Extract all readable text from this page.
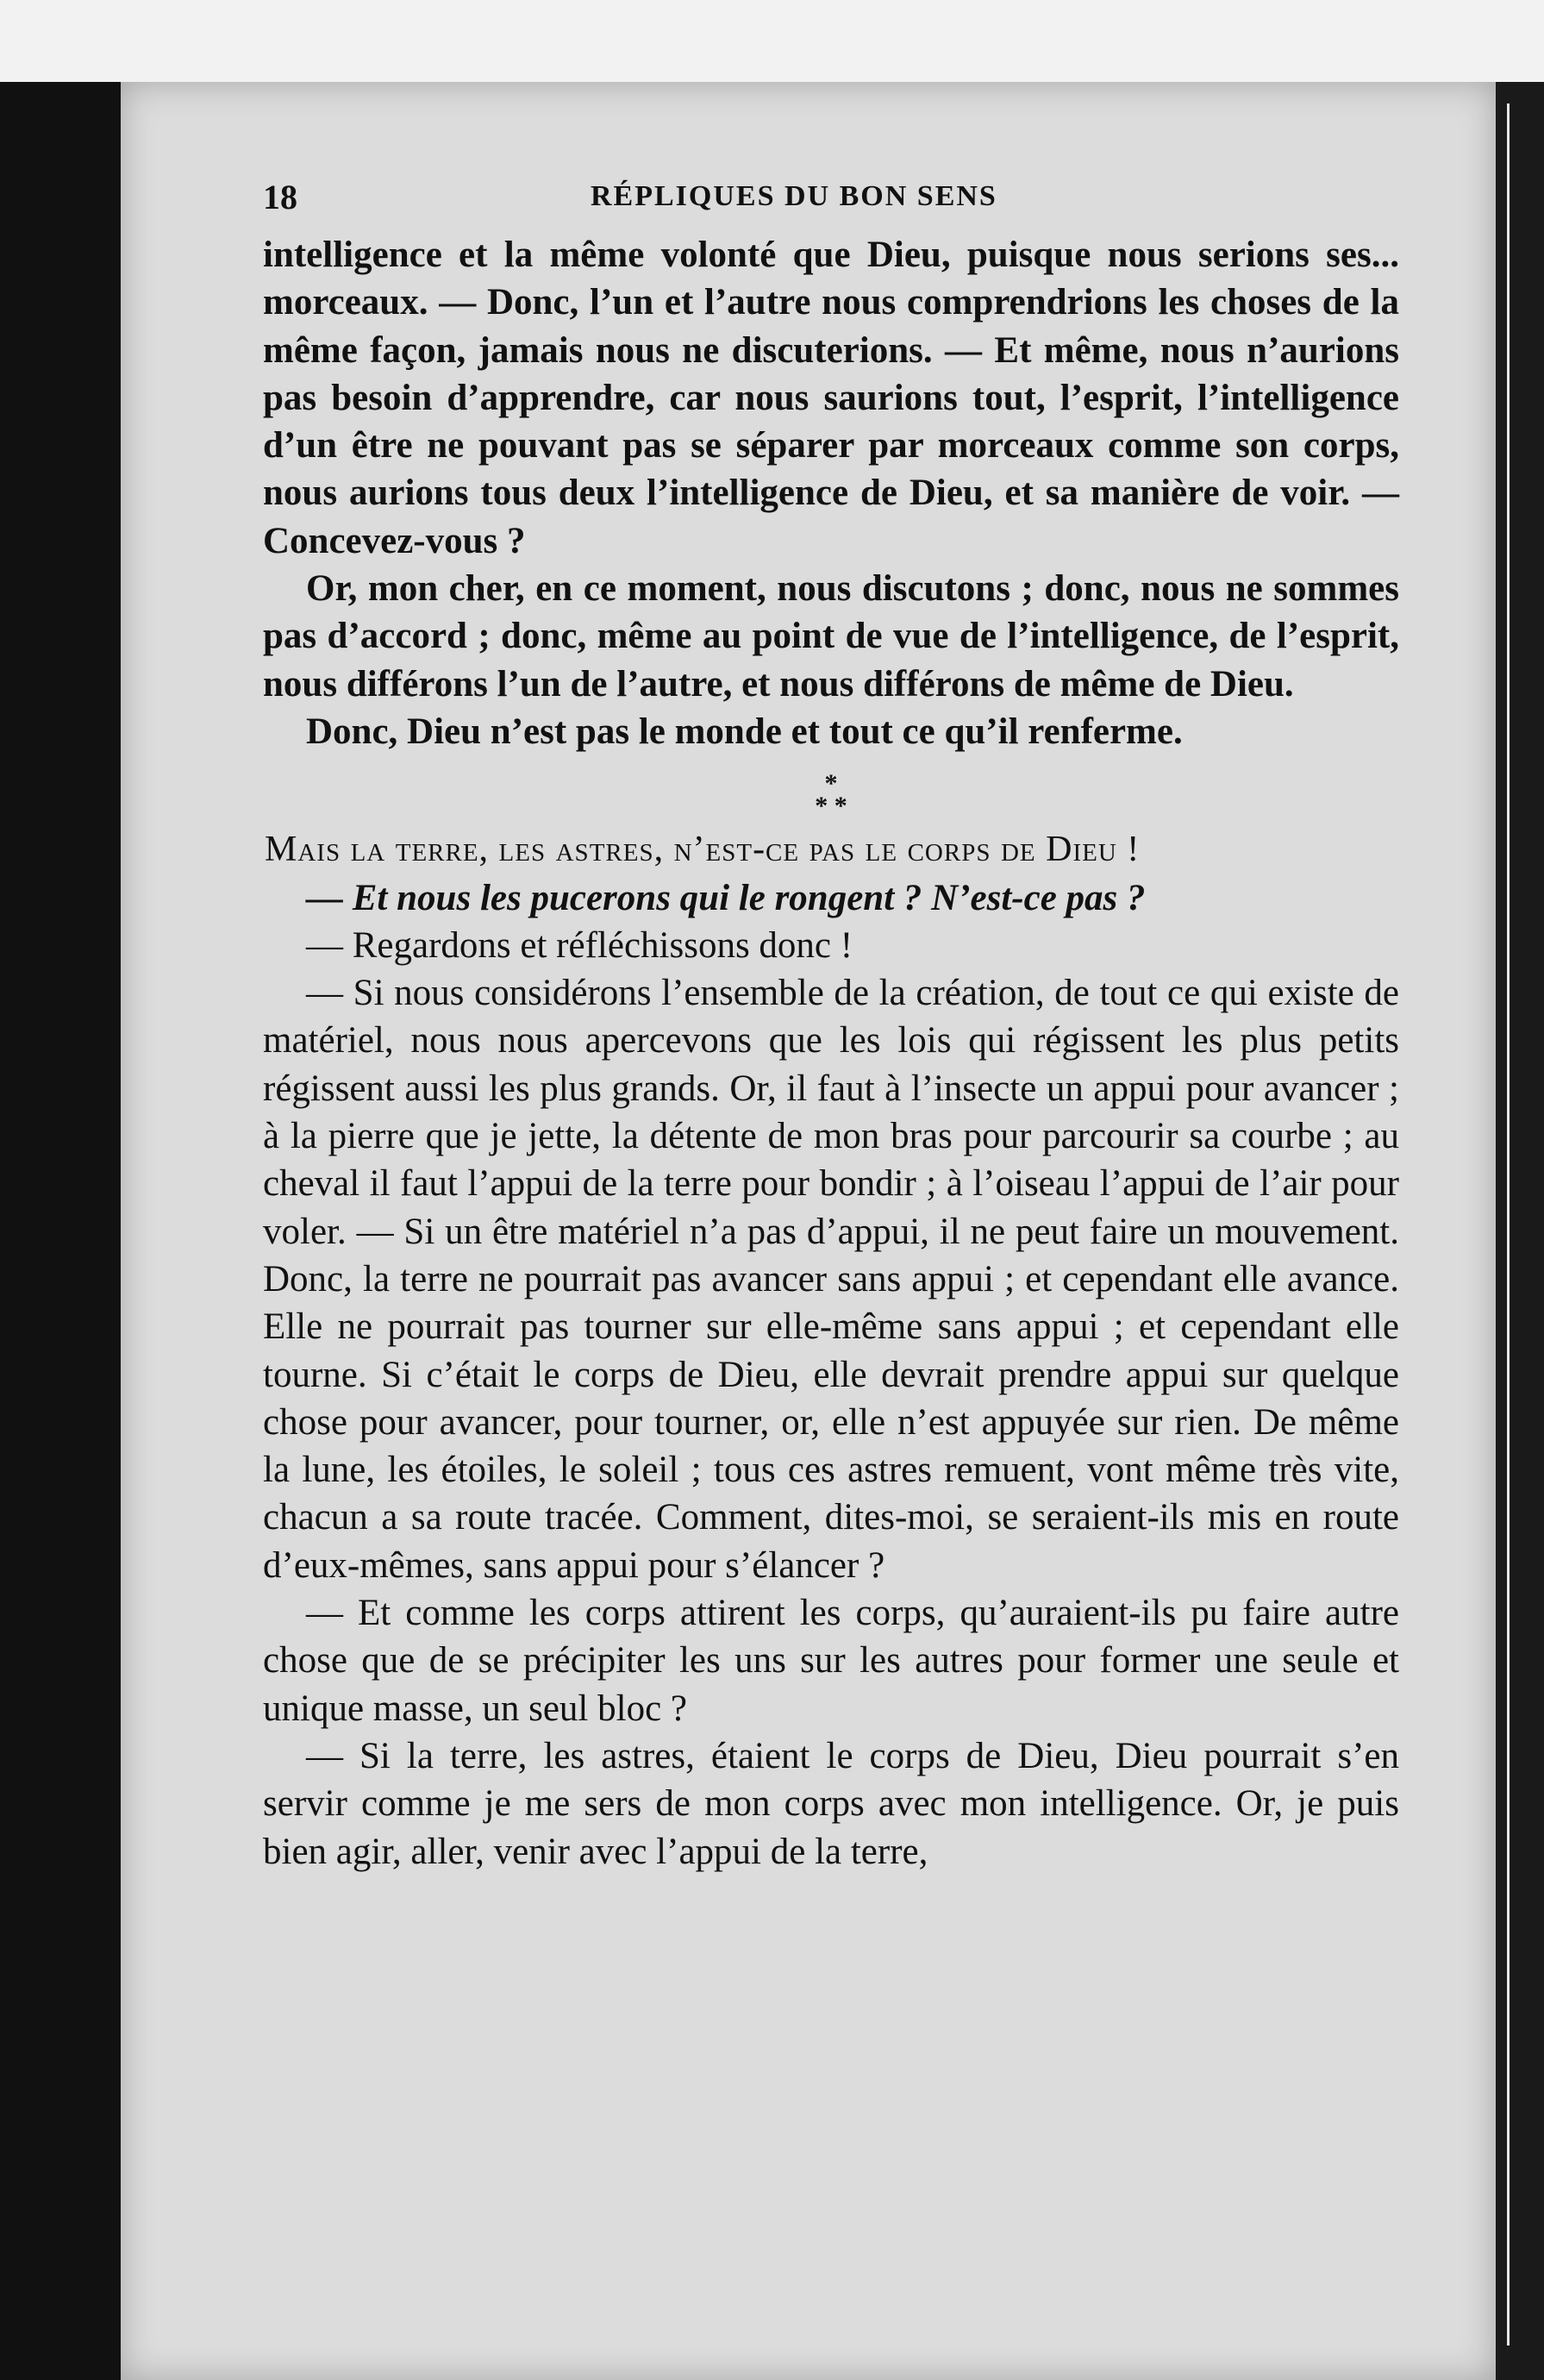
18	RÉPLIQUES DU BON SENS

intelligence et la même volonté que Dieu, puisque nous serions ses... morceaux. — Donc, l’un et l’autre nous comprendrions les choses de la même façon, jamais nous ne discuterions. — Et même, nous n’aurions pas besoin d’apprendre, car nous saurions tout, l’esprit, l’intelligence d’un être ne pouvant pas se séparer par morceaux comme son corps, nous aurions tous deux l’intelligence de Dieu, et sa manière de voir. — Concevez-vous ?

Or, mon cher, en ce moment, nous discutons ; donc, nous ne sommes pas d’accord ; donc, même au point de vue de l’intelligence, de l’esprit, nous différons l’un de l’autre, et nous différons de même de Dieu.

Donc, Dieu n’est pas le monde et tout ce qu’il renferme.

*
* *

Mais la terre, les astres, n’est-ce pas le corps de Dieu !

— Et nous les pucerons qui le rongent ? N’est-ce pas ?

— Regardons et réfléchissons donc !

— Si nous considérons l’ensemble de la création, de tout ce qui existe de matériel, nous nous apercevons que les lois qui régissent les plus petits régissent aussi les plus grands. Or, il faut à l’insecte un appui pour avancer ; à la pierre que je jette, la détente de mon bras pour parcourir sa courbe ; au cheval il faut l’appui de la terre pour bondir ; à l’oiseau l’appui de l’air pour voler. — Si un être matériel n’a pas d’appui, il ne peut faire un mouvement. Donc, la terre ne pourrait pas avancer sans appui ; et cependant elle avance. Elle ne pourrait pas tourner sur elle-même sans appui ; et cependant elle tourne. Si c’était le corps de Dieu, elle devrait prendre appui sur quelque chose pour avancer, pour tourner, or, elle n’est appuyée sur rien. De même la lune, les étoiles, le soleil ; tous ces astres remuent, vont même très vite, chacun a sa route tracée. Comment, dites-moi, se seraient-ils mis en route d’eux-mêmes, sans appui pour s’élancer ?

— Et comme les corps attirent les corps, qu’auraient-ils pu faire autre chose que de se précipiter les uns sur les autres pour former une seule et unique masse, un seul bloc ?

— Si la terre, les astres, étaient le corps de Dieu, Dieu pourrait s’en servir comme je me sers de mon corps avec mon intelligence. Or, je puis bien agir, aller, venir avec l’appui de la terre,
